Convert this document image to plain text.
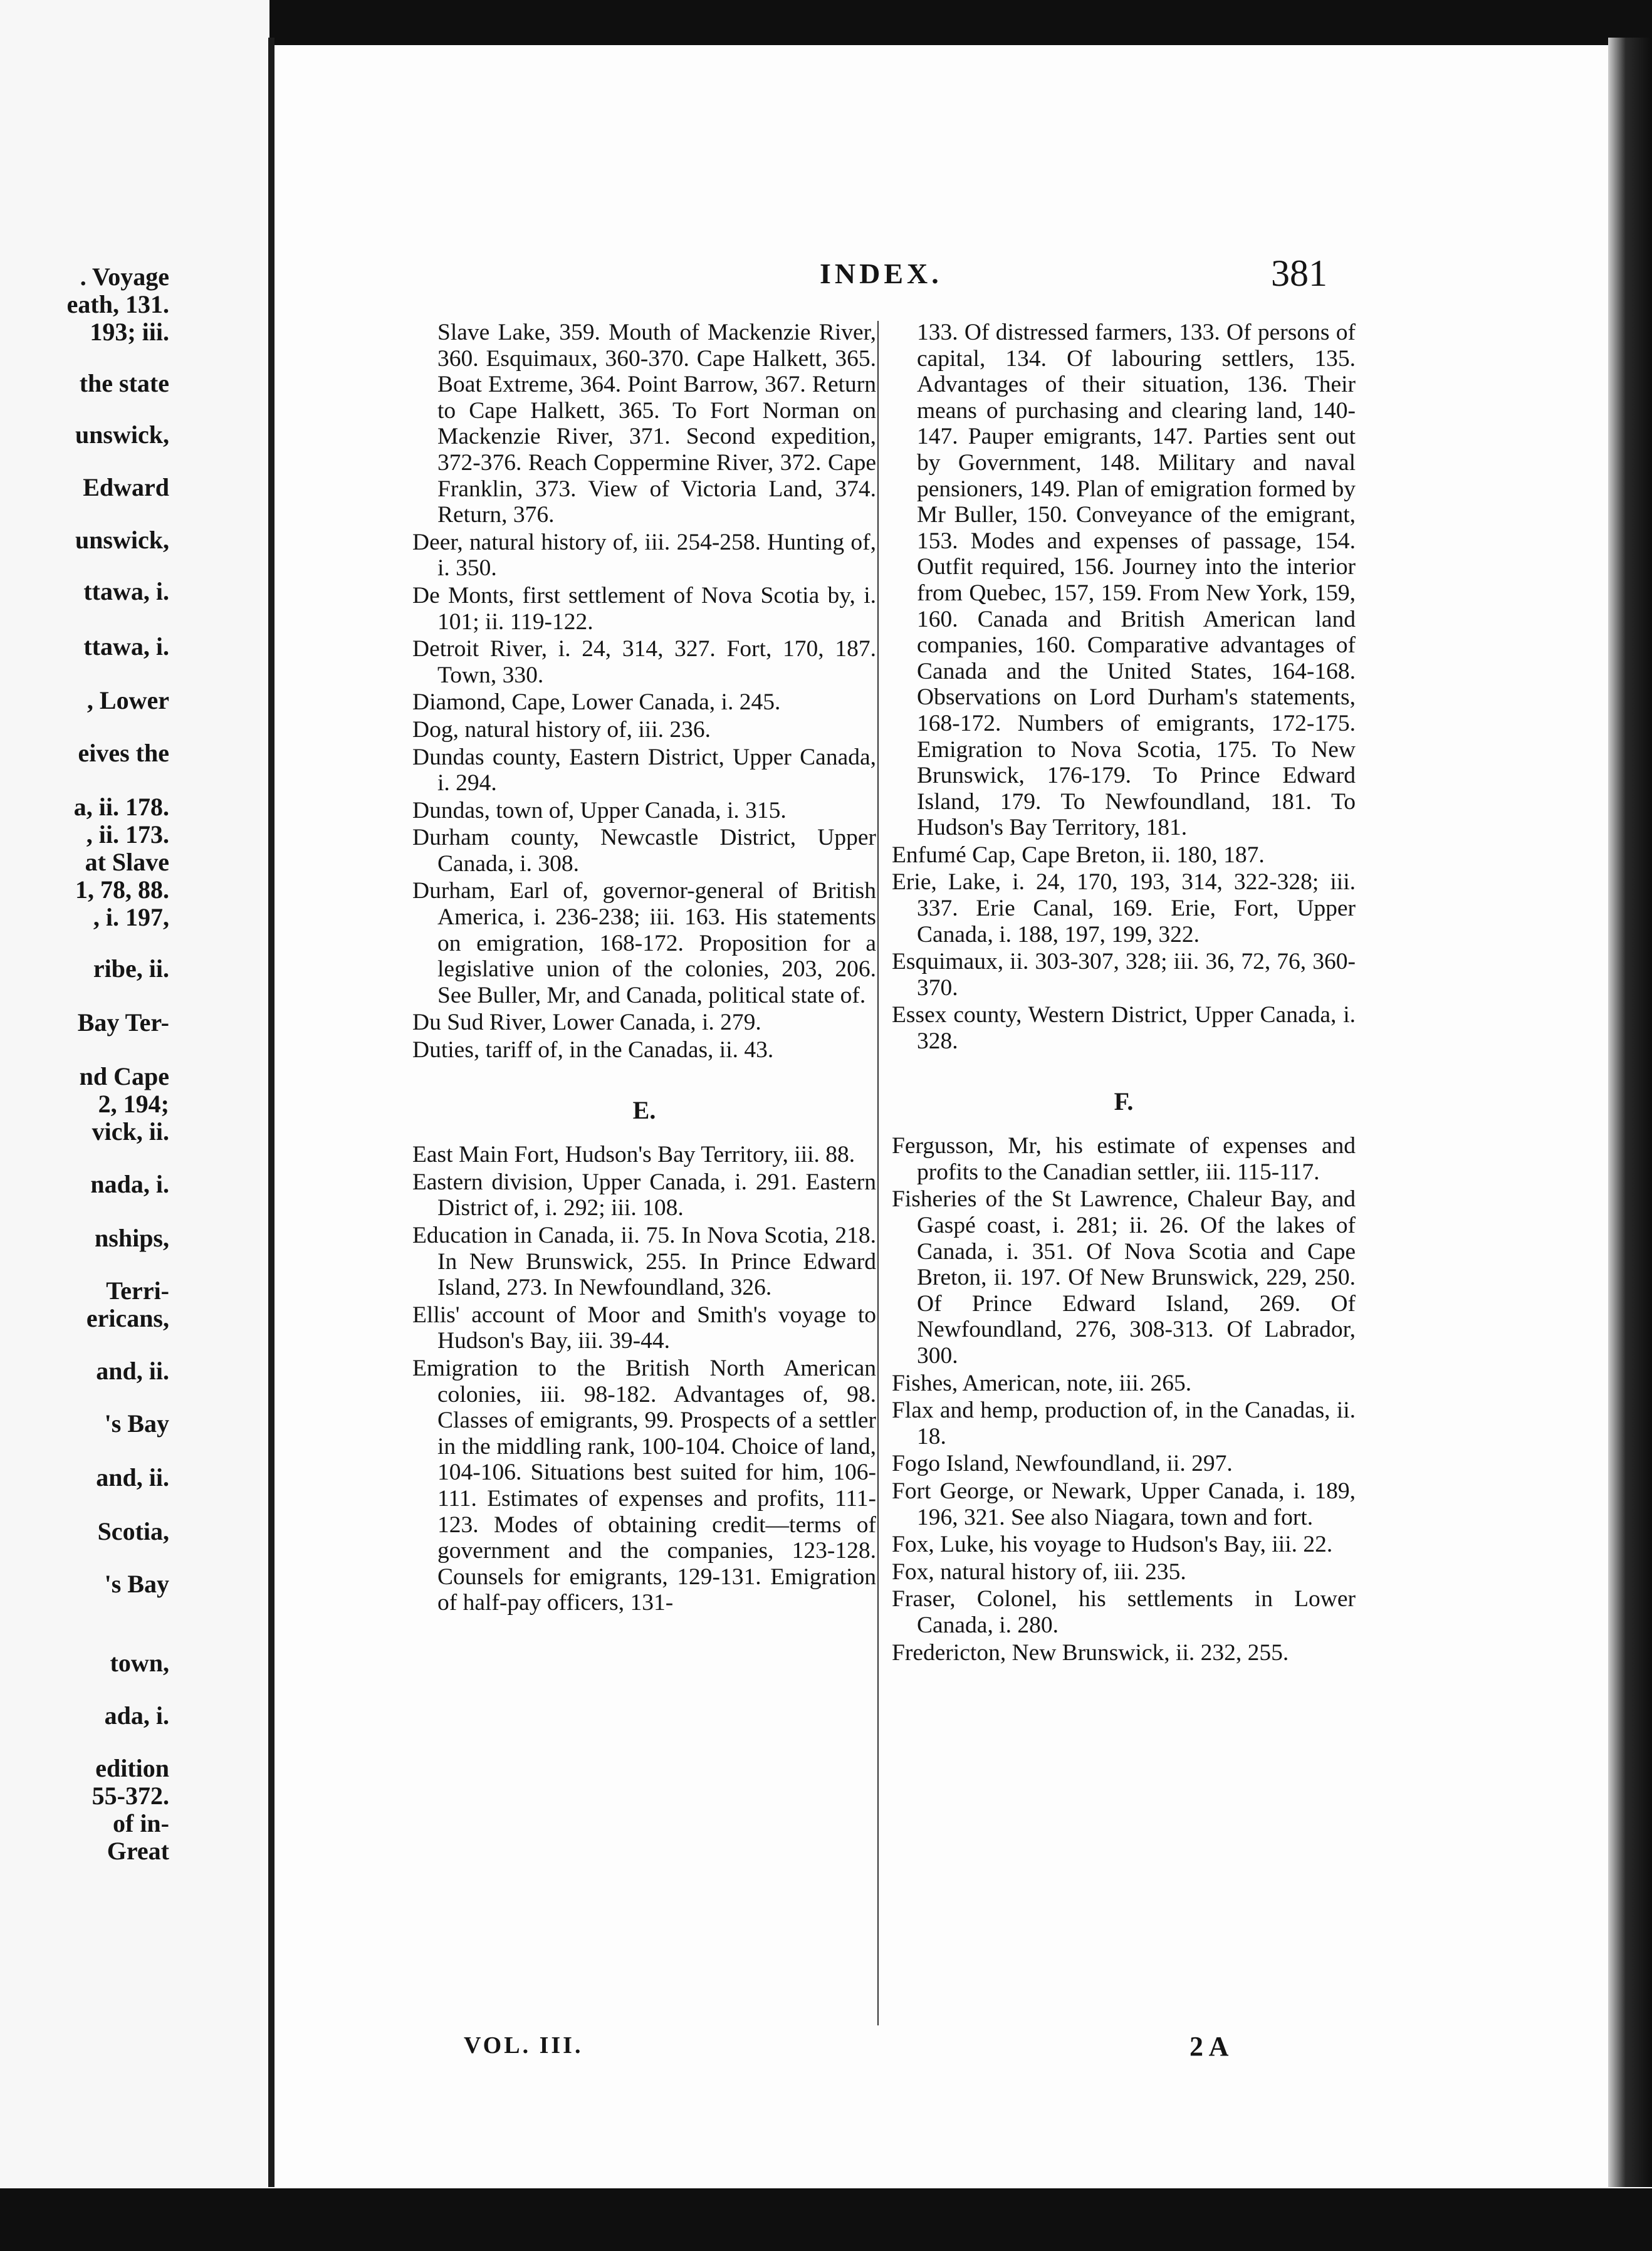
. Voyage
eath, 131.
193; iii.
the state
unswick,
Edward
unswick,
ttawa, i.
ttawa, i.
, Lower
eives the
a, ii. 178.
, ii. 173.
at Slave
1, 78, 88.
, i. 197,
ribe, ii.
Bay Ter-
nd Cape
2, 194;
vick, ii.
nada, i.
nships,
Terri-
ericans,
and, ii.
's Bay
and, ii.
Scotia,
's Bay
town,
ada, i.
edition
55-372.
of in-
Great
INDEX.	381

Slave Lake, 359. Mouth of Mackenzie River, 360. Esquimaux, 360-370. Cape Halkett, 365. Boat Extreme, 364. Point Barrow, 367. Return to Cape Halkett, 365. To Fort Norman on Mackenzie River, 371. Second expedition, 372-376. Reach Coppermine River, 372. Cape Franklin, 373. View of Victoria Land, 374. Return, 376.

Deer, natural history of, iii. 254-258. Hunting of, i. 350.

De Monts, first settlement of Nova Scotia by, i. 101; ii. 119-122.

Detroit River, i. 24, 314, 327. Fort, 170, 187. Town, 330.

Diamond, Cape, Lower Canada, i. 245.

Dog, natural history of, iii. 236.

Dundas county, Eastern District, Upper Canada, i. 294.

Dundas, town of, Upper Canada, i. 315.

Durham county, Newcastle District, Upper Canada, i. 308.

Durham, Earl of, governor-general of British America, i. 236-238; iii. 163. His statements on emigration, 168-172. Proposition for a legislative union of the colonies, 203, 206. See Buller, Mr, and Canada, political state of.

Du Sud River, Lower Canada, i. 279.

Duties, tariff of, in the Canadas, ii. 43.

E.

East Main Fort, Hudson's Bay Territory, iii. 88.

Eastern division, Upper Canada, i. 291. Eastern District of, i. 292; iii. 108.

Education in Canada, ii. 75. In Nova Scotia, 218. In New Brunswick, 255. In Prince Edward Island, 273. In Newfoundland, 326.

Ellis' account of Moor and Smith's voyage to Hudson's Bay, iii. 39-44.

Emigration to the British North American colonies, iii. 98-182. Advantages of, 98. Classes of emigrants, 99. Prospects of a settler in the middling rank, 100-104. Choice of land, 104-106. Situations best suited for him, 106-111. Estimates of expenses and profits, 111-123. Modes of obtaining credit—terms of government and the companies, 123-128. Counsels for emigrants, 129-131. Emigration of half-pay officers, 131-

133. Of distressed farmers, 133. Of persons of capital, 134. Of labouring settlers, 135. Advantages of their situation, 136. Their means of purchasing and clearing land, 140-147. Pauper emigrants, 147. Parties sent out by Government, 148. Military and naval pensioners, 149. Plan of emigration formed by Mr Buller, 150. Conveyance of the emigrant, 153. Modes and expenses of passage, 154. Outfit required, 156. Journey into the interior from Quebec, 157, 159. From New York, 159, 160. Canada and British American land companies, 160. Comparative advantages of Canada and the United States, 164-168. Observations on Lord Durham's statements, 168-172. Numbers of emigrants, 172-175. Emigration to Nova Scotia, 175. To New Brunswick, 176-179. To Prince Edward Island, 179. To Newfoundland, 181. To Hudson's Bay Territory, 181.

Enfumé Cap, Cape Breton, ii. 180, 187.

Erie, Lake, i. 24, 170, 193, 314, 322-328; iii. 337. Erie Canal, 169. Erie, Fort, Upper Canada, i. 188, 197, 199, 322.

Esquimaux, ii. 303-307, 328; iii. 36, 72, 76, 360-370.

Essex county, Western District, Upper Canada, i. 328.

F.

Fergusson, Mr, his estimate of expenses and profits to the Canadian settler, iii. 115-117.

Fisheries of the St Lawrence, Chaleur Bay, and Gaspé coast, i. 281; ii. 26. Of the lakes of Canada, i. 351. Of Nova Scotia and Cape Breton, ii. 197. Of New Brunswick, 229, 250. Of Prince Edward Island, 269. Of Newfoundland, 276, 308-313. Of Labrador, 300.

Fishes, American, note, iii. 265.

Flax and hemp, production of, in the Canadas, ii. 18.

Fogo Island, Newfoundland, ii. 297.

Fort George, or Newark, Upper Canada, i. 189, 196, 321. See also Niagara, town and fort.

Fox, Luke, his voyage to Hudson's Bay, iii. 22.

Fox, natural history of, iii. 235.

Fraser, Colonel, his settlements in Lower Canada, i. 280.

Fredericton, New Brunswick, ii. 232, 255.

VOL. III.	2 A
